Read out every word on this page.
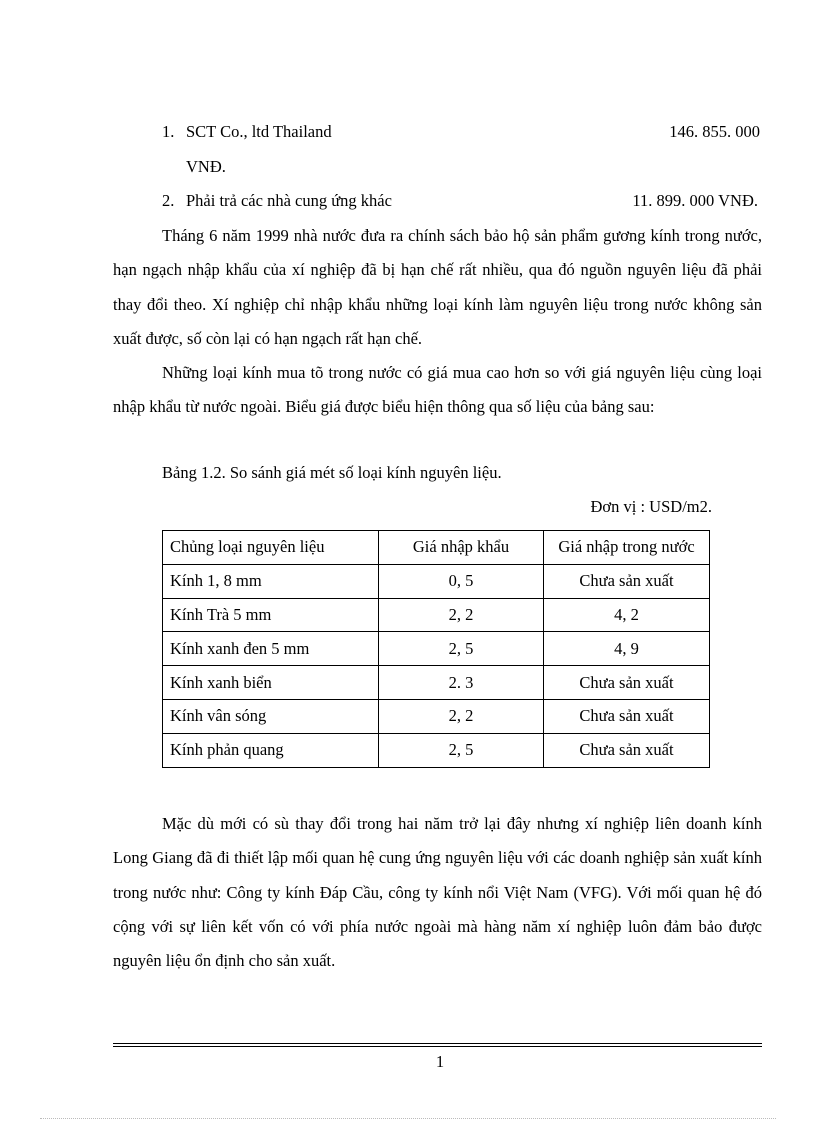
1. SCT Co., ltd Thailand	146. 855. 000
VNĐ.
2. Phải trả các nhà cung ứng khác	11. 899. 000 VNĐ.
Tháng 6 năm 1999 nhà nước đưa ra chính sách bảo hộ sản phẩm gương kính trong nước, hạn ngạch nhập khẩu của xí nghiệp đã bị hạn chế rất nhiều, qua đó nguồn nguyên liệu đã phải thay đổi theo. Xí nghiệp chỉ nhập khẩu những loại kính làm nguyên liệu trong nước không sản xuất được, số còn lại có hạn ngạch rất hạn chế.
Những loại kính mua tõ trong nước có giá mua cao hơn so với giá nguyên liệu cùng loại nhập khẩu từ nước ngoài. Biểu giá được biểu hiện thông qua số liệu của bảng sau:
Bảng 1.2. So sánh giá mét số loại kính nguyên liệu.
Đơn vị : USD/m2.
Chủng loại nguyên liệu	Giá nhập khẩu	Giá nhập trong nước
Kính 1, 8 mm	0, 5	Chưa sản xuất
Kính Trà 5 mm	2, 2	4, 2
Kính xanh đen 5 mm	2, 5	4, 9
Kính xanh biển	2. 3	Chưa sản xuất
Kính vân sóng	2, 2	Chưa sản xuất
Kính phản quang	2, 5	Chưa sản xuất
Mặc dù mới có sù thay đổi trong hai năm trở lại đây nhưng xí nghiệp liên doanh kính Long Giang đã đi thiết lập mối quan hệ cung ứng nguyên liệu với các doanh nghiệp sản xuất kính trong nước như: Công ty kính Đáp Cầu, công ty kính nổi Việt Nam (VFG). Với mối quan hệ đó cộng với sự liên kết vốn có với phía nước ngoài mà hàng năm xí nghiệp luôn đảm bảo được nguyên liệu ổn định cho sản xuất.
1
